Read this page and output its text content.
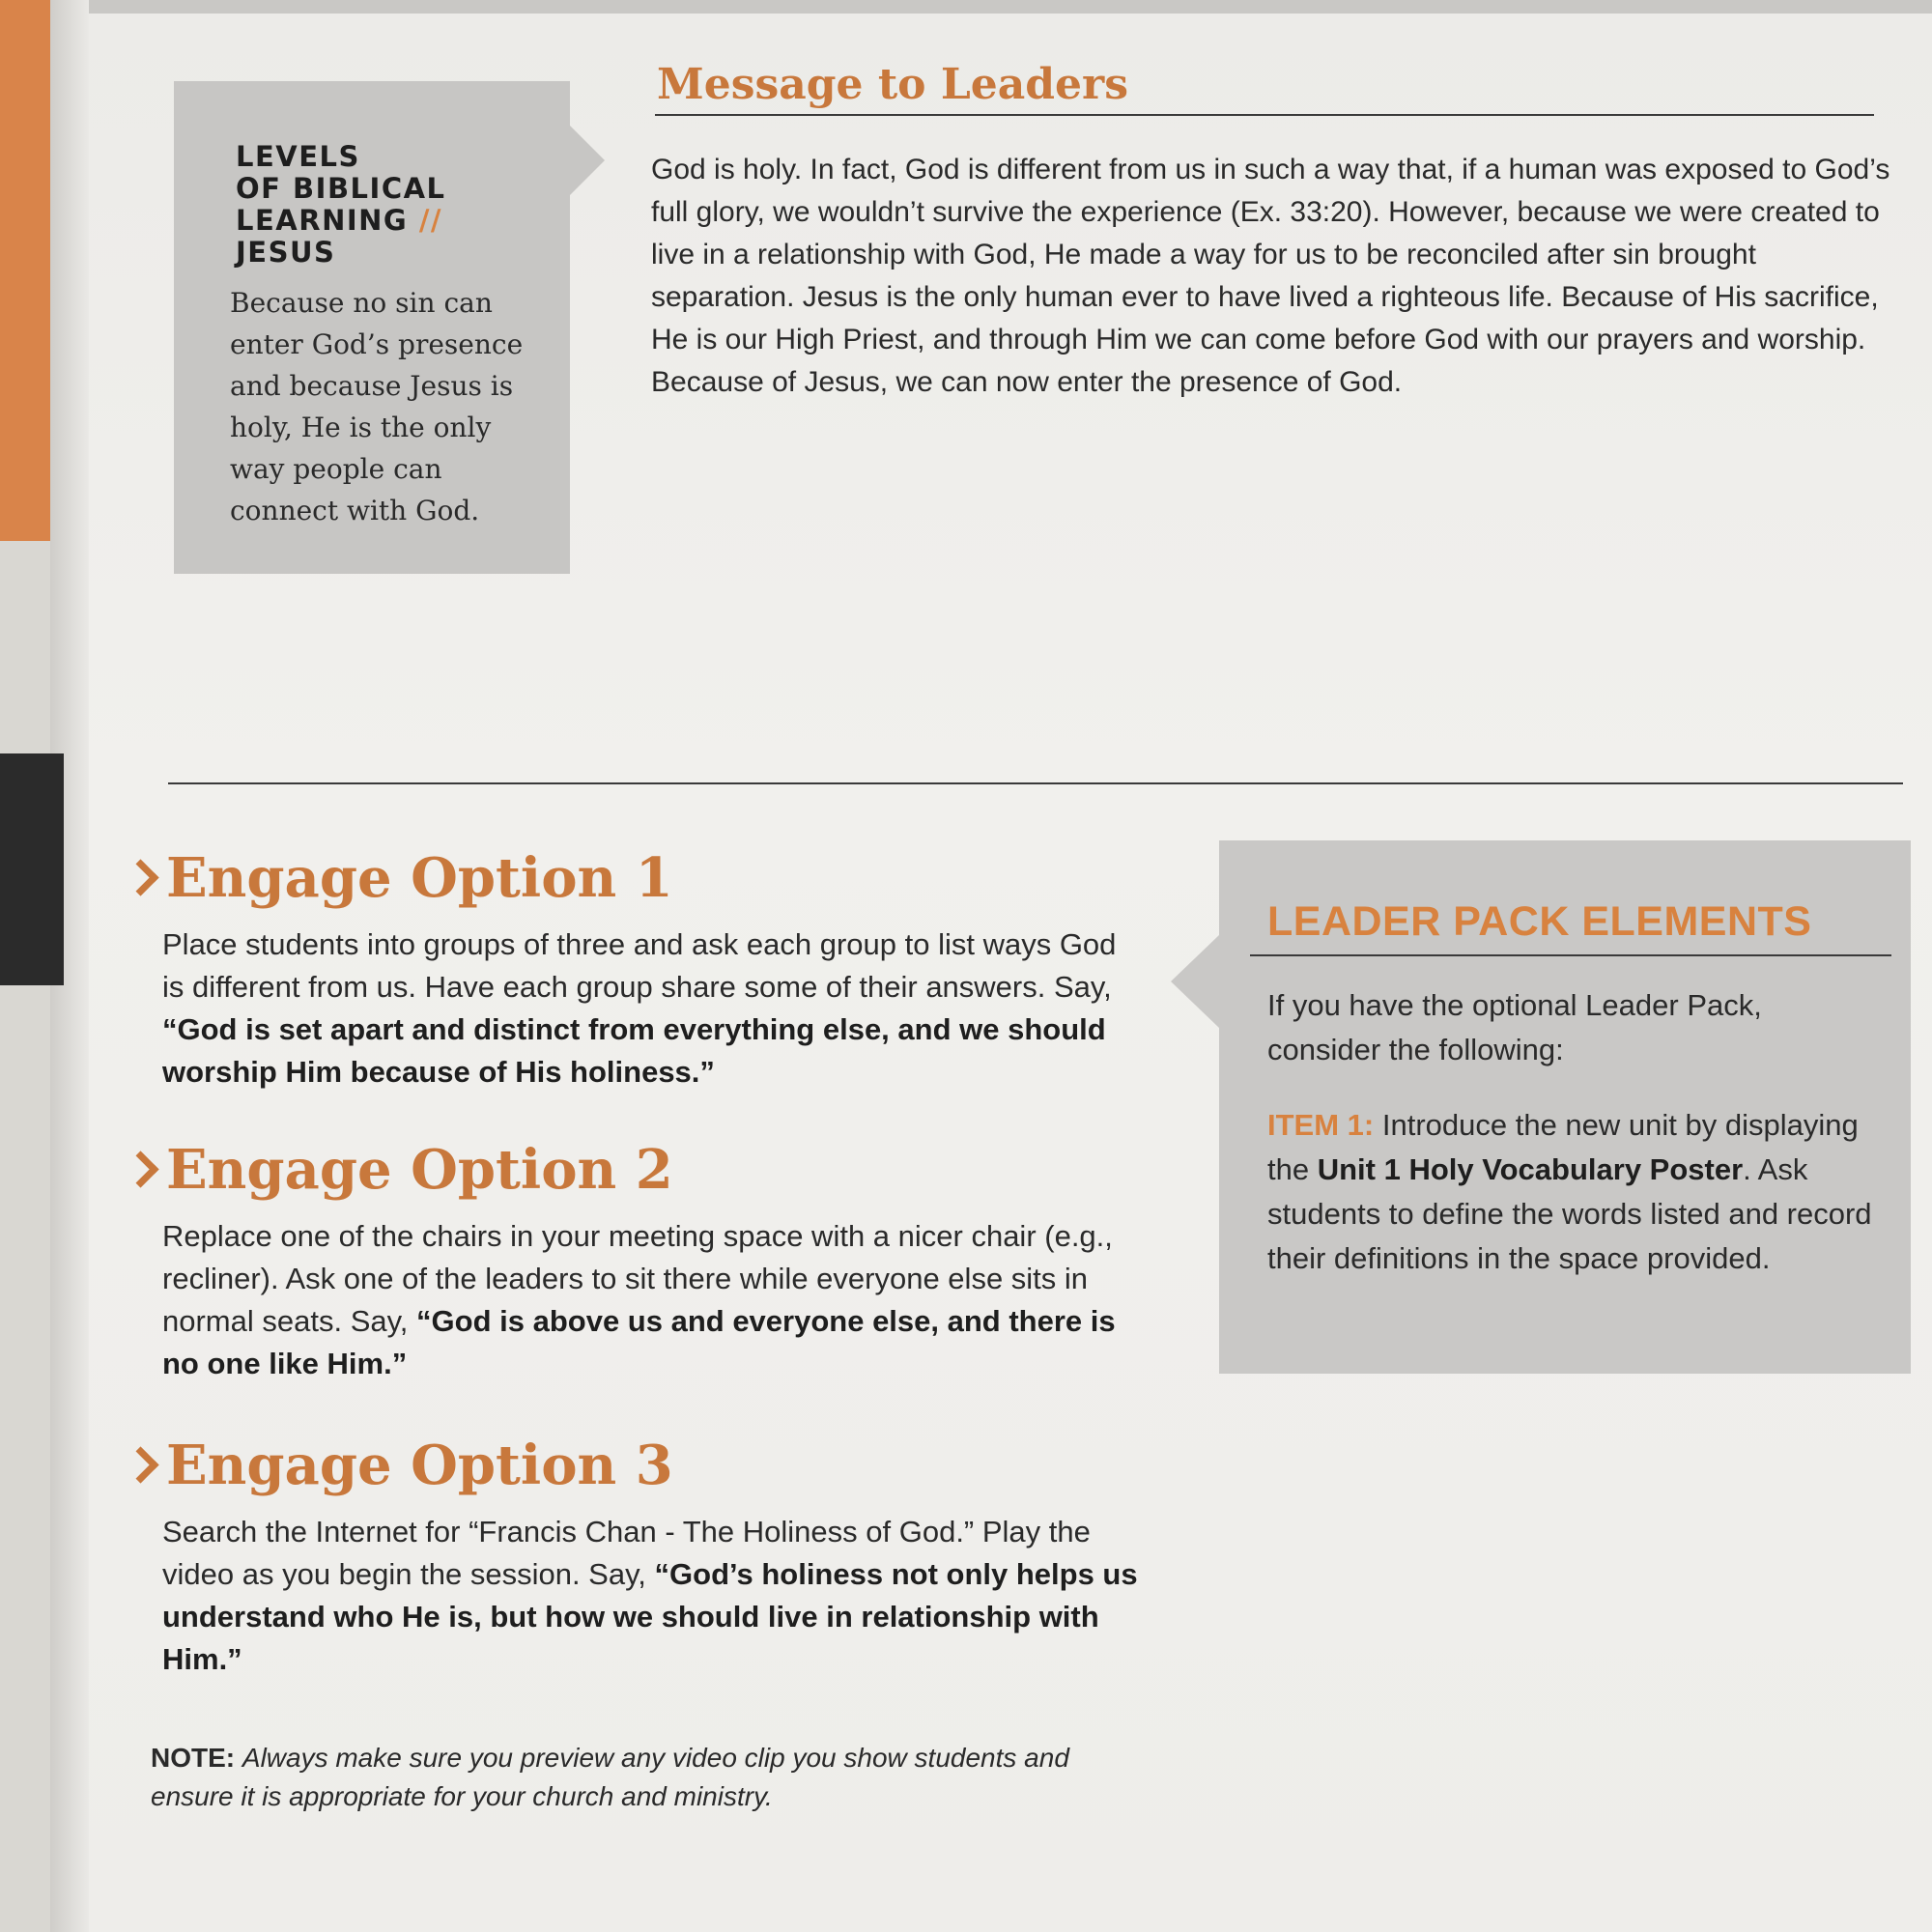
LEVELS
OF BIBLICAL
LEARNING //
JESUS
Because no sin can enter God’s presence and because Jesus is holy, He is the only way people can connect with God.
Message to Leaders
God is holy. In fact, God is different from us in such a way that, if a human was exposed to God’s full glory, we wouldn’t survive the experience (Ex. 33:20). However, because we were created to live in a relationship with God, He made a way for us to be reconciled after sin brought separation. Jesus is the only human ever to have lived a righteous life. Because of His sacrifice, He is our High Priest, and through Him we can come before God with our prayers and worship. Because of Jesus, we can now enter the presence of God.
Engage Option 1
Place students into groups of three and ask each group to list ways God is different from us. Have each group share some of their answers. Say, “God is set apart and distinct from everything else, and we should worship Him because of His holiness.”
Engage Option 2
Replace one of the chairs in your meeting space with a nicer chair (e.g., recliner). Ask one of the leaders to sit there while everyone else sits in normal seats. Say, “God is above us and everyone else, and there is no one like Him.”
Engage Option 3
Search the Internet for “Francis Chan - The Holiness of God.” Play the video as you begin the session. Say, “God’s holiness not only helps us understand who He is, but how we should live in relationship with Him.”
NOTE: Always make sure you preview any video clip you show students and ensure it is appropriate for your church and ministry.
LEADER PACK ELEMENTS
If you have the optional Leader Pack, consider the following:
ITEM 1: Introduce the new unit by displaying the Unit 1 Holy Vocabulary Poster. Ask students to define the words listed and record their definitions in the space provided.
